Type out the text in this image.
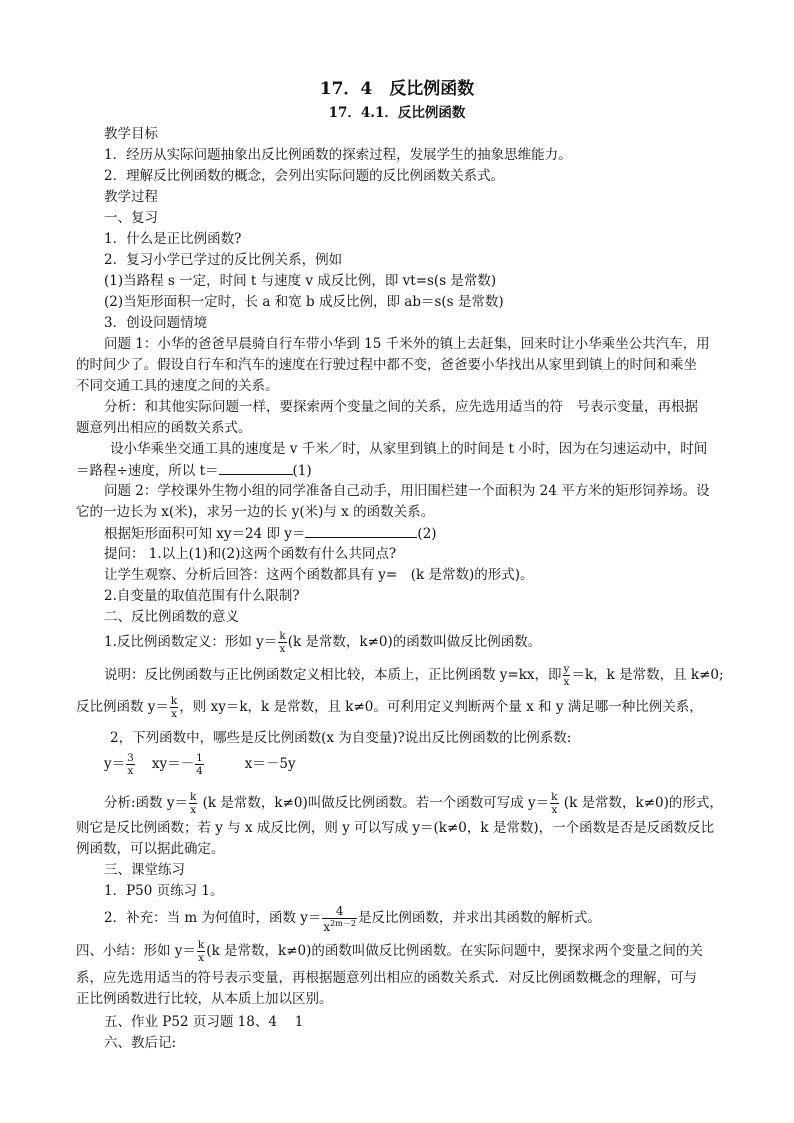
17．4　反比例函数
17．4.1．反比例函数
教学目标
1．经历从实际问题抽象出反比例函数的探索过程，发展学生的抽象思维能力。
2．理解反比例函数的概念，会列出实际问题的反比例函数关系式。
教学过程
一、复习
1．什么是正比例函数?
2．复习小学已学过的反比例关系，例如
(1)当路程 s 一定，时间 t 与速度 v 成反比例，即 vt=s(s 是常数)
(2)当矩形面积一定时，长 a 和宽 b 成反比例，即 ab＝s(s 是常数)
3．创设问题情境
问题 1：小华的爸爸早晨骑自行车带小华到 15 千米外的镇上去赶集，回来时让小华乘坐公共汽车，用
的时间少了。假设自行车和汽车的速度在行驶过程中都不变，爸爸要小华找出从家里到镇上的时间和乘坐
不同交通工具的速度之间的关系。
分析：和其他实际问题一样，要探索两个变量之间的关系，应先选用适当的符　号表示变量，再根据
题意列出相应的函数关系式。
设小华乘坐交通工具的速度是 v 千米／时，从家里到镇上的时间是 t 小时，因为在匀速运动中，时间
＝路程÷速度，所以 t＝	(1)
问题 2：学校课外生物小组的同学准备自己动手，用旧围栏建一个面积为 24 平方米的矩形饲养场。设
它的一边长为 x(米)，求另一边的长 y(米)与 x 的函数关系。
根据矩形面积可知 xy＝24 即 y＝	(2)
提问： 1.以上(1)和(2)这两个函数有什么共同点?
让学生观察、分析后回答：这两个函数都具有 y=　(k 是常数)的形式)。
2.自变量的取值范围有什么限制?
二、反比例函数的意义
1.反比例函数定义：形如 $y= \frac{k}{x} (k$ 是常数，k≠0)的函数叫做反比例函数。
说明：反比例函数与正比例函数定义相比较，本质上，正比例函数 y=kx，即 $\frac{y}{x} =k$，k 是常数，且 k≠0;
反比例函数 $y= \frac{k}{x}$ ，则 xy＝k，k 是常数，且 k≠0。可利用定义判断两个量 x 和 y 满足哪一种比例关系，
2，下列函数中，哪些是反比例函数(x 为自变量)?说出反比例函数的比例系数:
$y= \frac{3}{x} xy=- \frac{1}{4}$	x＝－5y
分析:函数 $y= \frac{k}{x} (k$ 是常数，k≠0)叫做反比例函数。若一个函数可写成 $y= \frac{k}{x} (k$ 是常数，k≠0)的形式，
则它是反比例函数；若 y 与 x 成反比例，则 y 可以写成 y＝(k≠0，k 是常数)，一个函数是否是反函数反比
例函数，可以据此确定。
三、课堂练习
1．P50 页练习 1。
2．补充：当 m 为何值时，函数 $y= \frac{4}{x^{2m-2}}$ 是反比例函数，并求出其函数的解析式。
四、小结：形如 $y= \frac{k}{x} (k$ 是常数，k≠0)的函数叫做反比例函数。在实际问题中，要探求两个变量之间的关
系，应先选用适当的符号表示变量，再根据题意列出相应的函数关系式．对反比例函数概念的理解，可与
正比例函数进行比较，从本质上加以区别。
五、作业 P52 页习题 18、4　 1
六、教后记:
